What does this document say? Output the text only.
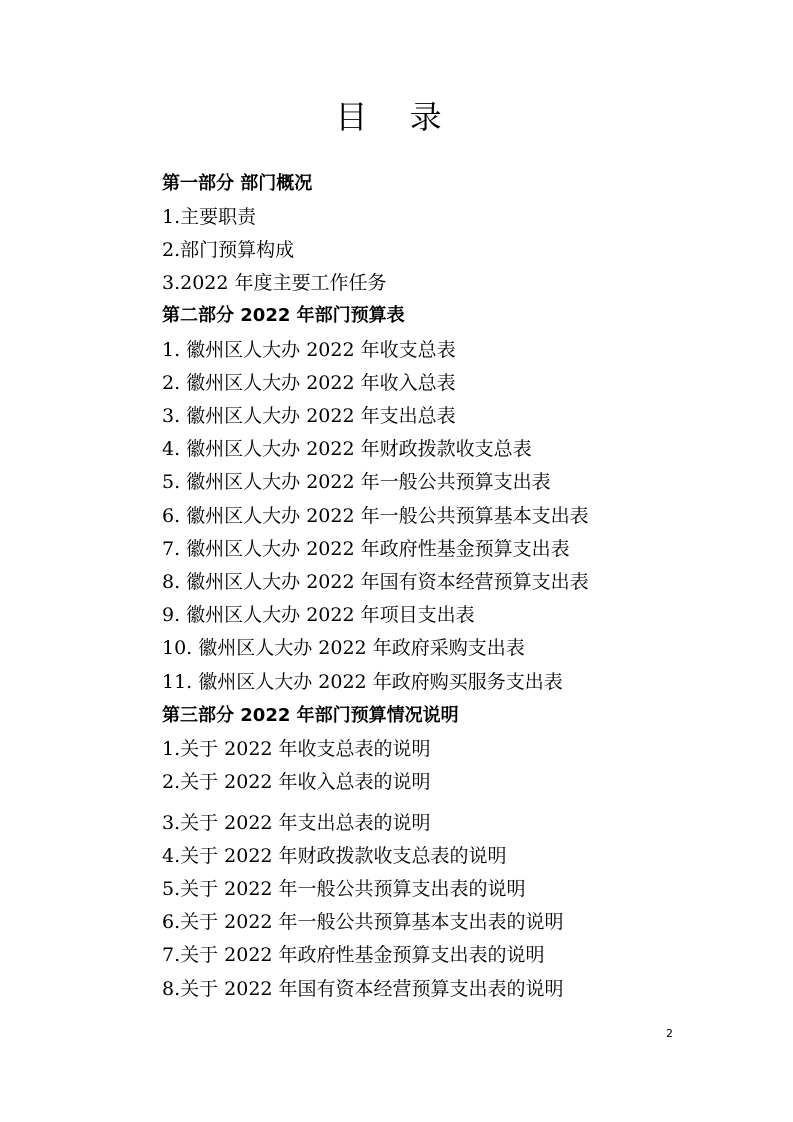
目 录
第一部分 部门概况
1.主要职责
2.部门预算构成
3.2022 年度主要工作任务
第二部分 2022 年部门预算表
1. 徽州区人大办 2022 年收支总表
2. 徽州区人大办 2022 年收入总表
3. 徽州区人大办 2022 年支出总表
4. 徽州区人大办 2022 年财政拨款收支总表
5. 徽州区人大办 2022 年一般公共预算支出表
6. 徽州区人大办 2022 年一般公共预算基本支出表
7. 徽州区人大办 2022 年政府性基金预算支出表
8. 徽州区人大办 2022 年国有资本经营预算支出表
9. 徽州区人大办 2022 年项目支出表
10. 徽州区人大办 2022 年政府采购支出表
11. 徽州区人大办 2022 年政府购买服务支出表
第三部分 2022 年部门预算情况说明
1.关于 2022 年收支总表的说明
2.关于 2022 年收入总表的说明
3.关于 2022 年支出总表的说明
4.关于 2022 年财政拨款收支总表的说明
5.关于 2022 年一般公共预算支出表的说明
6.关于 2022 年一般公共预算基本支出表的说明
7.关于 2022 年政府性基金预算支出表的说明
8.关于 2022 年国有资本经营预算支出表的说明
2
